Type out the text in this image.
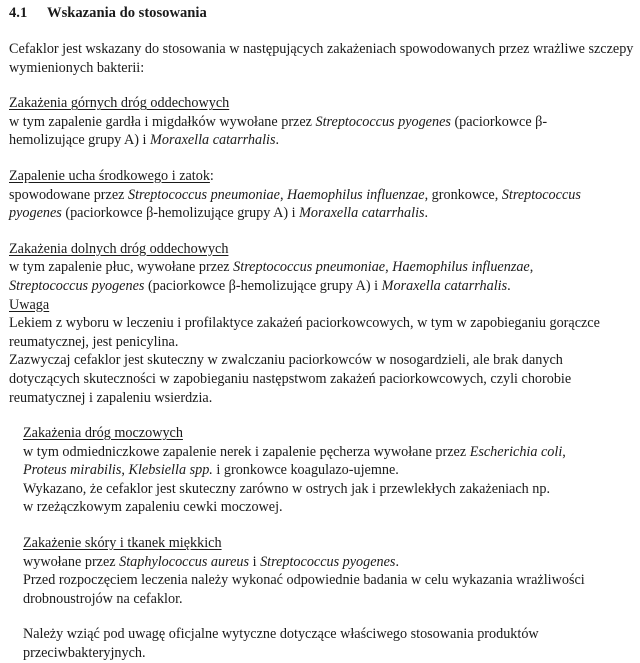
4.1	Wskazania do stosowania

Cefaklor jest wskazany do stosowania w następujących zakażeniach spowodowanych przez wrażliwe szczepy wymienionych bakterii:

Zakażenia górnych dróg oddechowych

w tym zapalenie gardła i migdałków wywołane przez Streptococcus pyogenes (paciorkowce β-hemolizujące grupy A) i Moraxella catarrhalis.

Zapalenie ucha środkowego i zatok:

spowodowane przez Streptococcus pneumoniae, Haemophilus influenzae, gronkowce, Streptococcus pyogenes (paciorkowce β-hemolizujące grupy A) i Moraxella catarrhalis.

Zakażenia dolnych dróg oddechowych

w tym zapalenie płuc, wywołane przez Streptococcus pneumoniae, Haemophilus influenzae, Streptococcus pyogenes (paciorkowce β-hemolizujące grupy A) i Moraxella catarrhalis.

Uwaga

Lekiem z wyboru w leczeniu i profilaktyce zakażeń paciorkowcowych, w tym w zapobieganiu gorączce reumatycznej, jest penicylina.

Zazwyczaj cefaklor jest skuteczny w zwalczaniu paciorkowców w nosogardzieli, ale brak danych dotyczących skuteczności w zapobieganiu następstwom zakażeń paciorkowcowych, czyli chorobie reumatycznej i zapaleniu wsierdzia.

Zakażenia dróg moczowych

w tym odmiedniczkowe zapalenie nerek i zapalenie pęcherza wywołane przez Escherichia coli, Proteus mirabilis, Klebsiella spp. i gronkowce koagulazo-ujemne.

Wykazano, że cefaklor jest skuteczny zarówno w ostrych jak i przewlekłych zakażeniach np. w rzeżączkowym zapaleniu cewki moczowej.

Zakażenie skóry i tkanek miękkich

wywołane przez Staphylococcus aureus i Streptococcus pyogenes.

Przed rozpoczęciem leczenia należy wykonać odpowiednie badania w celu wykazania wrażliwości drobnoustrojów na cefaklor.

Należy wziąć pod uwagę oficjalne wytyczne dotyczące właściwego stosowania produktów przeciwbakteryjnych.
